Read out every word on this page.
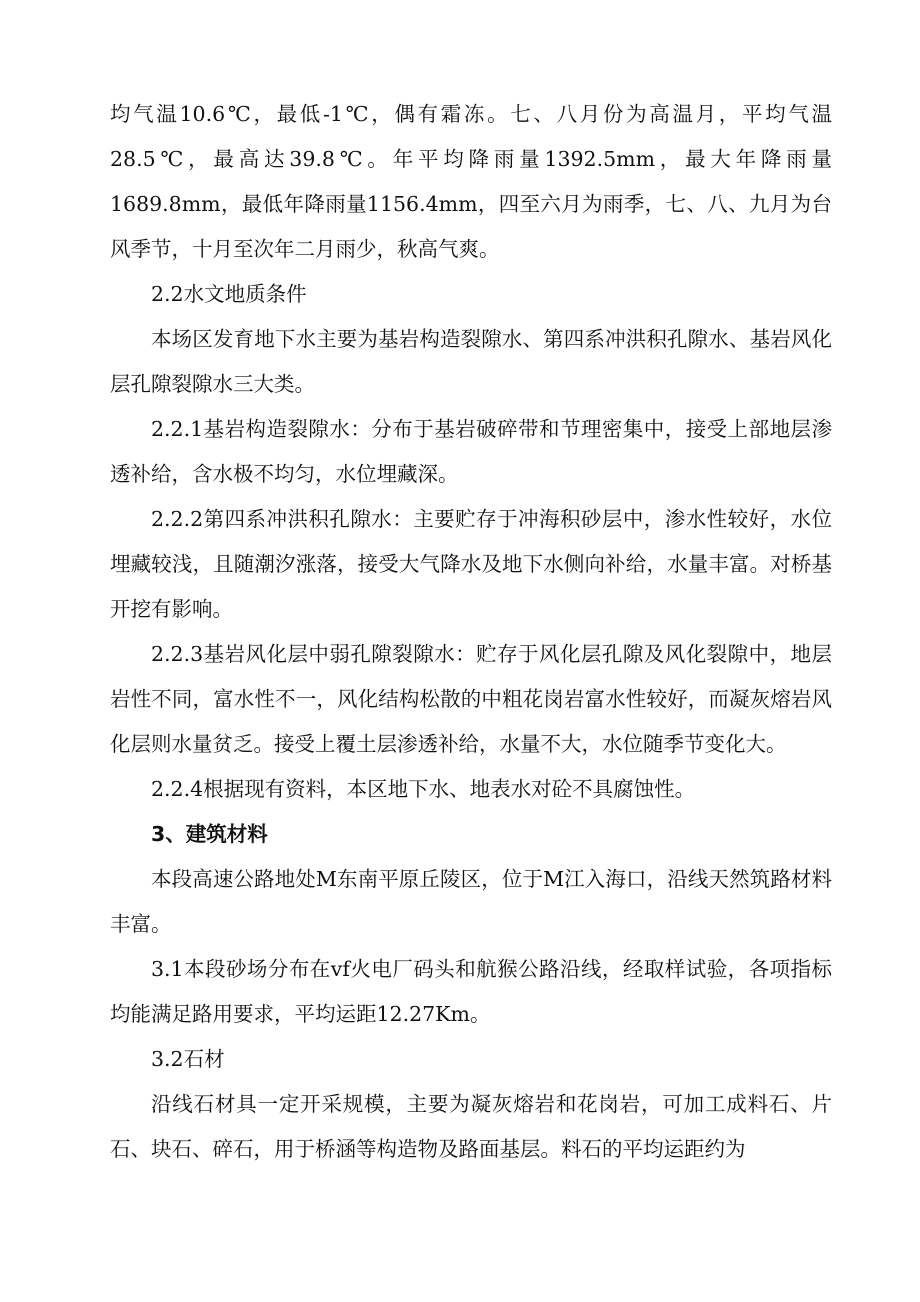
均气温10.6℃，最低-1℃，偶有霜冻。七、八月份为高温月，平均气温28.5℃，最高达39.8℃。年平均降雨量1392.5mm，最大年降雨量1689.8mm，最低年降雨量1156.4mm，四至六月为雨季，七、八、九月为台风季节，十月至次年二月雨少，秋高气爽。

2.2水文地质条件

本场区发育地下水主要为基岩构造裂隙水、第四系冲洪积孔隙水、基岩风化层孔隙裂隙水三大类。

2.2.1基岩构造裂隙水：分布于基岩破碎带和节理密集中，接受上部地层渗透补给，含水极不均匀，水位埋藏深。

2.2.2第四系冲洪积孔隙水：主要贮存于冲海积砂层中，渗水性较好，水位埋藏较浅，且随潮汐涨落，接受大气降水及地下水侧向补给，水量丰富。对桥基开挖有影响。

2.2.3基岩风化层中弱孔隙裂隙水：贮存于风化层孔隙及风化裂隙中，地层岩性不同，富水性不一，风化结构松散的中粗花岗岩富水性较好，而凝灰熔岩风化层则水量贫乏。接受上覆土层渗透补给，水量不大，水位随季节变化大。

2.2.4根据现有资料，本区地下水、地表水对砼不具腐蚀性。

3、建筑材料

本段高速公路地处M东南平原丘陵区，位于M江入海口，沿线天然筑路材料丰富。

3.1本段砂场分布在vf火电厂码头和航猴公路沿线，经取样试验，各项指标均能满足路用要求，平均运距12.27Km。

3.2石材

沿线石材具一定开采规模，主要为凝灰熔岩和花岗岩，可加工成料石、片石、块石、碎石，用于桥涵等构造物及路面基层。料石的平均运距约为
